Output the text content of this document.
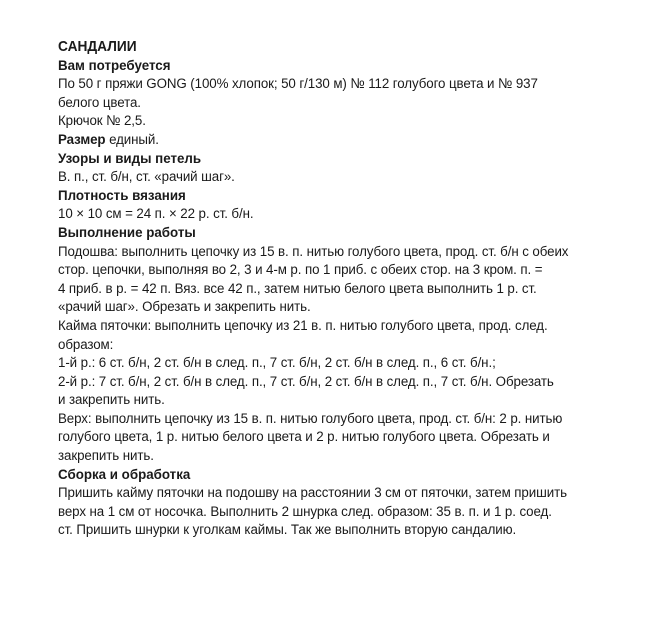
САНДАЛИИ
Вам потребуется
По 50 г пряжи GONG (100% хлопок; 50 г/130 м) № 112 голубого цвета и № 937
белого цвета.
Крючок № 2,5.
Размер единый.
Узоры и виды петель
В. п., ст. б/н, ст. «рачий шаг».
Плотность вязания
10 × 10 см = 24 п. × 22 р. ст. б/н.
Выполнение работы
Подошва: выполнить цепочку из 15 в. п. нитью голубого цвета, прод. ст. б/н с обеих
стор. цепочки, выполняя во 2, 3 и 4-м р. по 1 приб. с обеих стор. на 3 кром. п. =
4 приб. в р. = 42 п. Вяз. все 42 п., затем нитью белого цвета выполнить 1 р. ст.
«рачий шаг». Обрезать и закрепить нить.
Кайма пяточки: выполнить цепочку из 21 в. п. нитью голубого цвета, прод. след.
образом:
1-й р.: 6 ст. б/н, 2 ст. б/н в след. п., 7 ст. б/н, 2 ст. б/н в след. п., 6 ст. б/н.;
2-й р.: 7 ст. б/н, 2 ст. б/н в след. п., 7 ст. б/н, 2 ст. б/н в след. п., 7 ст. б/н. Обрезать
и закрепить нить.
Верх: выполнить цепочку из 15 в. п. нитью голубого цвета, прод. ст. б/н: 2 р. нитью
голубого цвета, 1 р. нитью белого цвета и 2 р. нитью голубого цвета. Обрезать и
закрепить нить.
Сборка и обработка
Пришить кайму пяточки на подошву на расстоянии 3 см от пяточки, затем пришить
верх на 1 см от носочка. Выполнить 2 шнурка след. образом: 35 в. п. и 1 р. соед.
ст. Пришить шнурки к уголкам каймы. Так же выполнить вторую сандалию.
